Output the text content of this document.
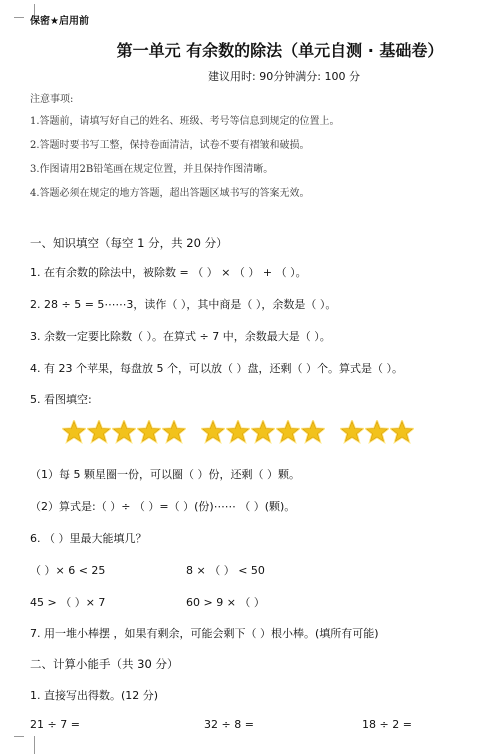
保密★启用前
第一单元 有余数的除法（单元自测 · 基础卷）
建议用时: 90分钟满分: 100 分
注意事项:
1.答题前，请填写好自己的姓名、班级、考号等信息到规定的位置上。
2.答题时要书写工整，保持卷面清洁，试卷不要有褶皱和破损。
3.作图请用2B铅笔画在规定位置，并且保持作图清晰。
4.答题必须在规定的地方答题，超出答题区域书写的答案无效。
一、知识填空（每空 1 分，共 20 分）
1. 在有余数的除法中，被除数 = （ ） × （ ） + （ ）。
2. 28 ÷ 5 = 5⋯⋯3，读作（ ），其中商是（ ），余数是（ ）。
3. 余数一定要比除数（ ）。在算式 ÷ 7 中，余数最大是（ ）。
4. 有 23 个苹果，每盘放 5 个，可以放（ ）盘，还剩（ ）个。算式是（ ）。
5. 看图填空:
（1）每 5 颗星圈一份，可以圈（ ）份，还剩（ ）颗。
（2）算式是:（ ）÷ （ ）=（ ）(份)⋯⋯ （ ）(颗)。
6. （ ）里最大能填几？
（ ）× 6 < 25	8 × （ ） < 50
45 > （ ）× 7	60 > 9 × （ ）
7. 用一堆小棒摆 ，如果有剩余，可能会剩下（ ）根小棒。(填所有可能)
二、计算小能手（共 30 分）
1. 直接写出得数。(12 分)
21 ÷ 7 =	32 ÷ 8 =	18 ÷ 2 =
